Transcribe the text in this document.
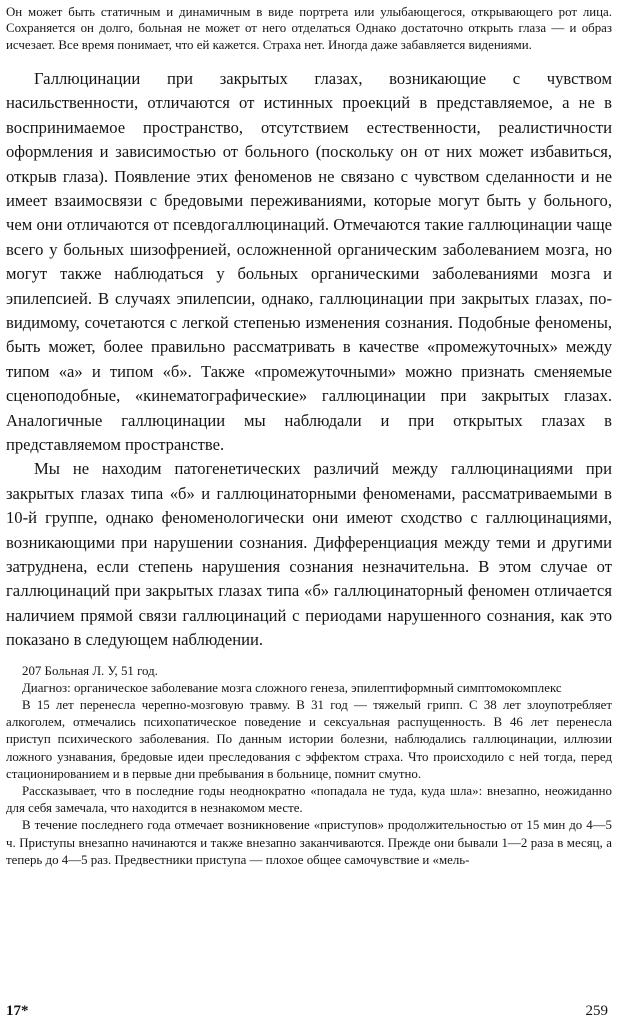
Он может быть статичным и динамичным в виде портрета или улыбающегося, открывающего рот лица. Сохраняется он долго, больная не может от него отделаться Однако достаточно открыть глаза — и образ исчезает. Все время понимает, что ей кажется. Страха нет. Иногда даже забавляется видениями.

Галлюцинации при закрытых глазах, возникающие с чувством насильственности, отличаются от истинных проекций в представляемое, а не в воспринимаемое пространство, отсутствием естественности, реалистичности оформления и зависимостью от больного (поскольку он от них может избавиться, открыв глаза). Появление этих феноменов не связано с чувством сделанности и не имеет взаимосвязи с бредовыми переживаниями, которые могут быть у больного, чем они отличаются от псевдогаллюцинаций. Отмечаются такие галлюцинации чаще всего у больных шизофренией, осложненной органическим заболеванием мозга, но могут также наблюдаться у больных органическими заболеваниями мозга и эпилепсией. В случаях эпилепсии, однако, галлюцинации при закрытых глазах, по-видимому, сочетаются с легкой степенью изменения сознания. Подобные феномены, быть может, более правильно рассматривать в качестве «промежуточных» между типом «а» и типом «б». Также «промежуточными» можно признать сменяемые сценоподобные, «кинематографические» галлюцинации при закрытых глазах. Аналогичные галлюцинации мы наблюдали и при открытых глазах в представляемом пространстве.

Мы не находим патогенетических различий между галлюцинациями при закрытых глазах типа «б» и галлюцинаторными феноменами, рассматриваемыми в 10-й группе, однако феноменологически они имеют сходство с галлюцинациями, возникающими при нарушении сознания. Дифференциация между теми и другими затруднена, если степень нарушения сознания незначительна. В этом случае от галлюцинаций при закрытых глазах типа «б» галлюцинаторный феномен отличается наличием прямой связи галлюцинаций с периодами нарушенного сознания, как это показано в следующем наблюдении.

207 Больная Л. У, 51 год.

Диагноз: органическое заболевание мозга сложного генеза, эпилептиформный симптомокомплекс

В 15 лет перенесла черепно-мозговую травму. В 31 год — тяжелый грипп. С 38 лет злоупотребляет алкоголем, отмечались психопатическое поведение и сексуальная распущенность. В 46 лет перенесла приступ психического заболевания. По данным истории болезни, наблюдались галлюцинации, иллюзии ложного узнавания, бредовые идеи преследования с эффектом страха. Что происходило с ней тогда, перед стационированием и в первые дни пребывания в больнице, помнит смутно.

Рассказывает, что в последние годы неоднократно «попадала не туда, куда шла»: внезапно, неожиданно для себя замечала, что находится в незнакомом месте.

В течение последнего года отмечает возникновение «приступов» продолжительностью от 15 мин до 4—5 ч. Приступы внезапно начинаются и также внезапно заканчиваются. Прежде они бывали 1—2 раза в месяц, а теперь до 4—5 раз. Предвестники приступа — плохое общее самочувствие и «мель-

17*	259
